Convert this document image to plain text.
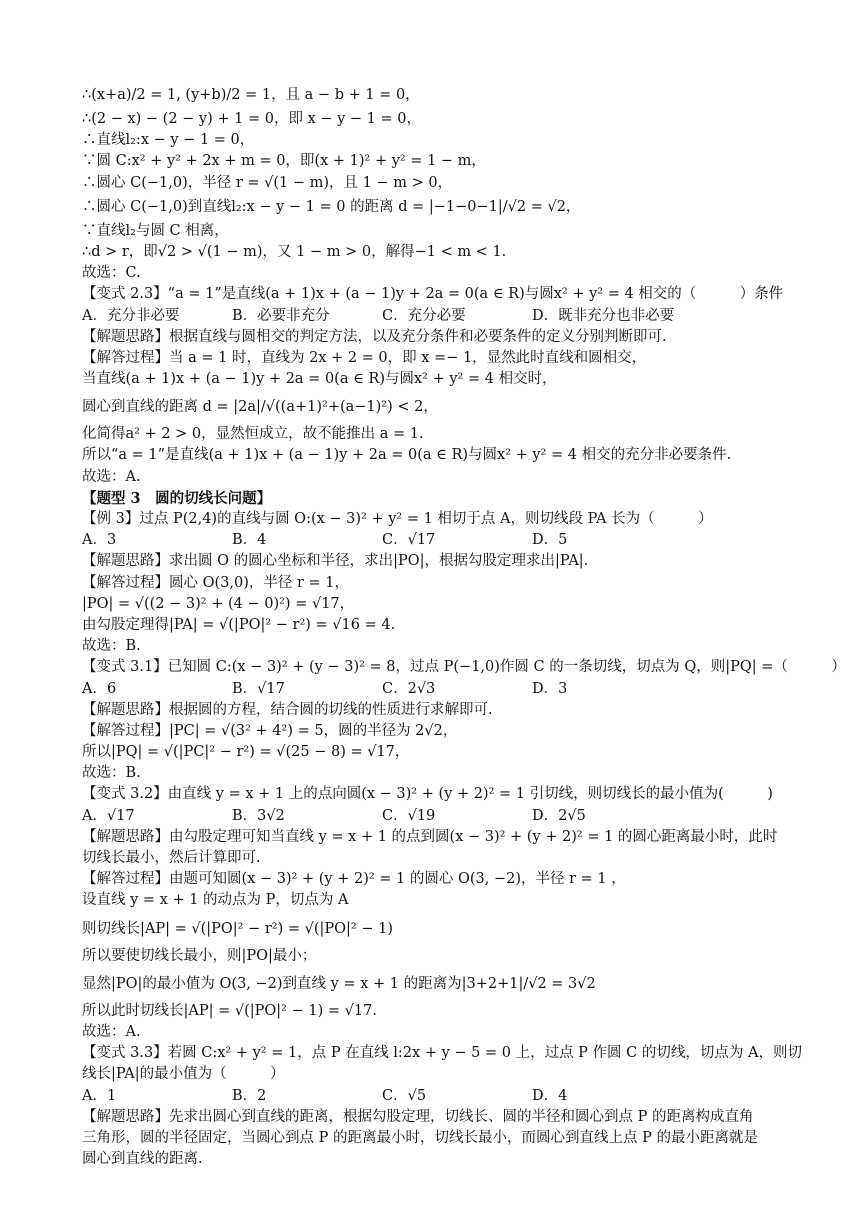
∴(x+a)/2 = 1, (y+b)/2 = 1，且 a − b + 1 = 0，
∴(2 − x) − (2 − y) + 1 = 0，即 x − y − 1 = 0，
∴直线l₂:x − y − 1 = 0，
∵圆 C:x² + y² + 2x + m = 0，即(x + 1)² + y² = 1 − m，
∴圆心 C(−1,0)，半径 r = √(1 − m)，且 1 − m > 0，
∴圆心 C(−1,0)到直线l₂:x − y − 1 = 0 的距离 d = |−1−0−1|/√2 = √2，
∵直线l₂与圆 C 相离，
∴d > r，即√2 > √(1 − m)，又 1 − m > 0，解得−1 < m < 1.
故选：C.
【变式 2.3】“a = 1”是直线(a + 1)x + (a − 1)y + 2a = 0(a ∈ R)与圆x² + y² = 4 相交的（　　　）条件
A．充分非必要	B．必要非充分	C．充分必要	D．既非充分也非必要
【解题思路】根据直线与圆相交的判定方法，以及充分条件和必要条件的定义分别判断即可.
【解答过程】当 a = 1 时，直线为 2x + 2 = 0，即 x =− 1，显然此时直线和圆相交，
当直线(a + 1)x + (a − 1)y + 2a = 0(a ∈ R)与圆x² + y² = 4 相交时，
圆心到直线的距离 d = |2a|/√((a+1)²+(a−1)²) < 2，
化简得a² + 2 > 0，显然恒成立，故不能推出 a = 1.
所以“a = 1”是直线(a + 1)x + (a − 1)y + 2a = 0(a ∈ R)与圆x² + y² = 4 相交的充分非必要条件.
故选：A.
【题型 3　圆的切线长问题】
【例 3】过点 P(2,4)的直线与圆 O:(x − 3)² + y² = 1 相切于点 A，则切线段 PA 长为（　　　）
A．3	B．4	C．√17	D．5
【解题思路】求出圆 O 的圆心坐标和半径，求出|PO|，根据勾股定理求出|PA|.
【解答过程】圆心 O(3,0)，半径 r = 1，
|PO| = √((2 − 3)² + (4 − 0)²) = √17，
由勾股定理得|PA| = √(|PO|² − r²) = √16 = 4.
故选：B.
【变式 3.1】已知圆 C:(x − 3)² + (y − 3)² = 8，过点 P(−1,0)作圆 C 的一条切线，切点为 Q，则|PQ| =（　　　）
A．6	B．√17	C．2√3	D．3
【解题思路】根据圆的方程，结合圆的切线的性质进行求解即可.
【解答过程】|PC| = √(3² + 4²) = 5，圆的半径为 2√2，
所以|PQ| = √(|PC|² − r²) = √(25 − 8) = √17，
故选：B.
【变式 3.2】由直线 y = x + 1 上的点向圆(x − 3)² + (y + 2)² = 1 引切线，则切线长的最小值为(　　　)
A．√17	B．3√2	C．√19	D．2√5
【解题思路】由勾股定理可知当直线 y = x + 1 的点到圆(x − 3)² + (y + 2)² = 1 的圆心距离最小时，此时
切线长最小，然后计算即可.
【解答过程】由题可知圆(x − 3)² + (y + 2)² = 1 的圆心 O(3, −2)，半径 r = 1 ，
设直线 y = x + 1 的动点为 P，切点为 A
则切线长|AP| = √(|PO|² − r²) = √(|PO|² − 1)
所以要使切线长最小，则|PO|最小；
显然|PO|的最小值为 O(3, −2)到直线 y = x + 1 的距离为|3+2+1|/√2 = 3√2
所以此时切线长|AP| = √(|PO|² − 1) = √17.
故选：A.
【变式 3.3】若圆 C:x² + y² = 1，点 P 在直线 l:2x + y − 5 = 0 上，过点 P 作圆 C 的切线，切点为 A，则切
线长|PA|的最小值为（　　　）
A．1	B．2	C．√5	D．4
【解题思路】先求出圆心到直线的距离，根据勾股定理，切线长、圆的半径和圆心到点 P 的距离构成直角
三角形，圆的半径固定，当圆心到点 P 的距离最小时，切线长最小，而圆心到直线上点 P 的最小距离就是
圆心到直线的距离.
